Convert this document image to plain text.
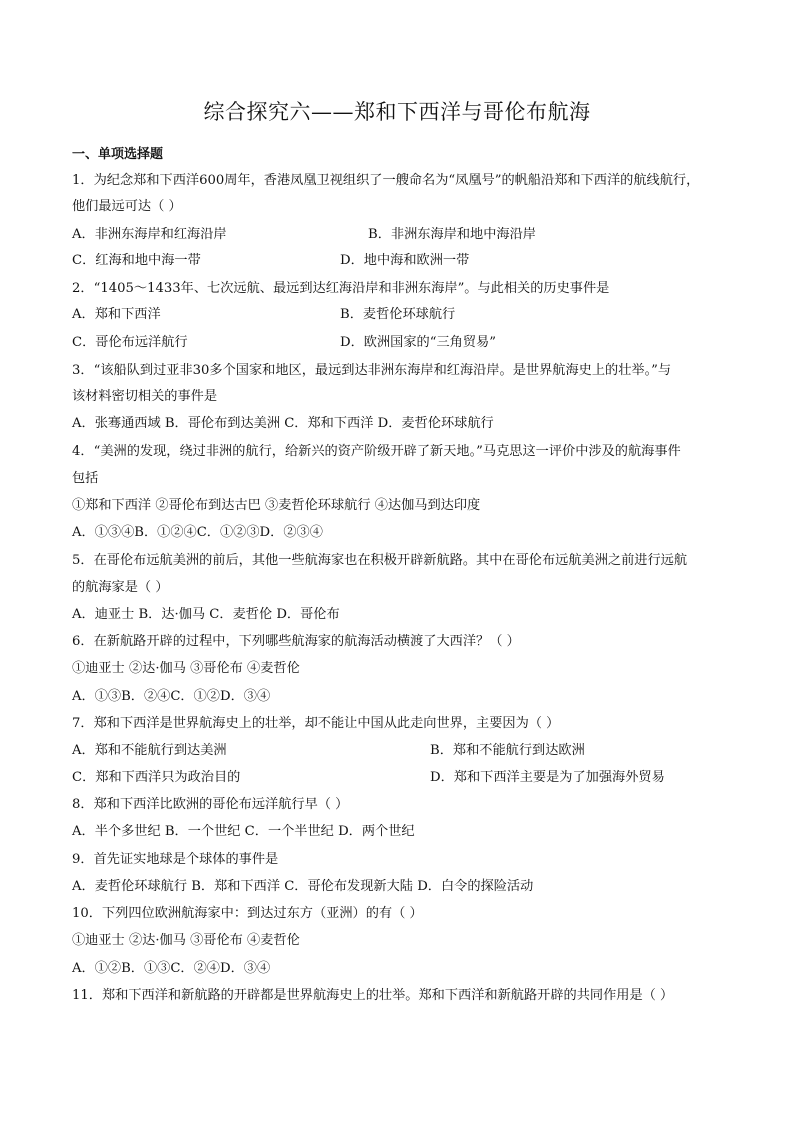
综合探究六——郑和下西洋与哥伦布航海
一、单项选择题
1．为纪念郑和下西洋600周年，香港凤凰卫视组织了一艘命名为“凤凰号”的帆船沿郑和下西洋的航线航行，
他们最远可达（ ）
A．非洲东海岸和红海沿岸	B．非洲东海岸和地中海沿岸
C．红海和地中海一带	D．地中海和欧洲一带
2．“1405～1433年、七次远航、最远到达红海沿岸和非洲东海岸”。与此相关的历史事件是
A．郑和下西洋	B．麦哲伦环球航行
C．哥伦布远洋航行	D．欧洲国家的“三角贸易”
3．“该船队到过亚非30多个国家和地区，最远到达非洲东海岸和红海沿岸。是世界航海史上的壮举。”与
该材料密切相关的事件是
A．张骞通西域 B．哥伦布到达美洲 C．郑和下西洋 D．麦哲伦环球航行
4．“美洲的发现，绕过非洲的航行，给新兴的资产阶级开辟了新天地。”马克思这一评价中涉及的航海事件
包括
①郑和下西洋 ②哥伦布到达古巴 ③麦哲伦环球航行 ④达伽马到达印度
A．①③④B．①②④C．①②③D．②③④
5．在哥伦布远航美洲的前后，其他一些航海家也在积极开辟新航路。其中在哥伦布远航美洲之前进行远航
的航海家是（ ）
A．迪亚士 B．达·伽马 C．麦哲伦 D．哥伦布
6．在新航路开辟的过程中，下列哪些航海家的航海活动横渡了大西洋？（ ）
①迪亚士 ②达·伽马 ③哥伦布 ④麦哲伦
A．①③B．②④C．①②D．③④
7．郑和下西洋是世界航海史上的壮举，却不能让中国从此走向世界，主要因为（ ）
A．郑和不能航行到达美洲	B．郑和不能航行到达欧洲
C．郑和下西洋只为政治目的	D．郑和下西洋主要是为了加强海外贸易
8．郑和下西洋比欧洲的哥伦布远洋航行早（ ）
A．半个多世纪 B．一个世纪 C．一个半世纪 D．两个世纪
9．首先证实地球是个球体的事件是
A．麦哲伦环球航行 B．郑和下西洋 C．哥伦布发现新大陆 D．白令的探险活动
10．下列四位欧洲航海家中：到达过东方（亚洲）的有（ ）
①迪亚士 ②达·伽马 ③哥伦布 ④麦哲伦
A．①②B．①③C．②④D．③④
11．郑和下西洋和新航路的开辟都是世界航海史上的壮举。郑和下西洋和新航路开辟的共同作用是（ ）
